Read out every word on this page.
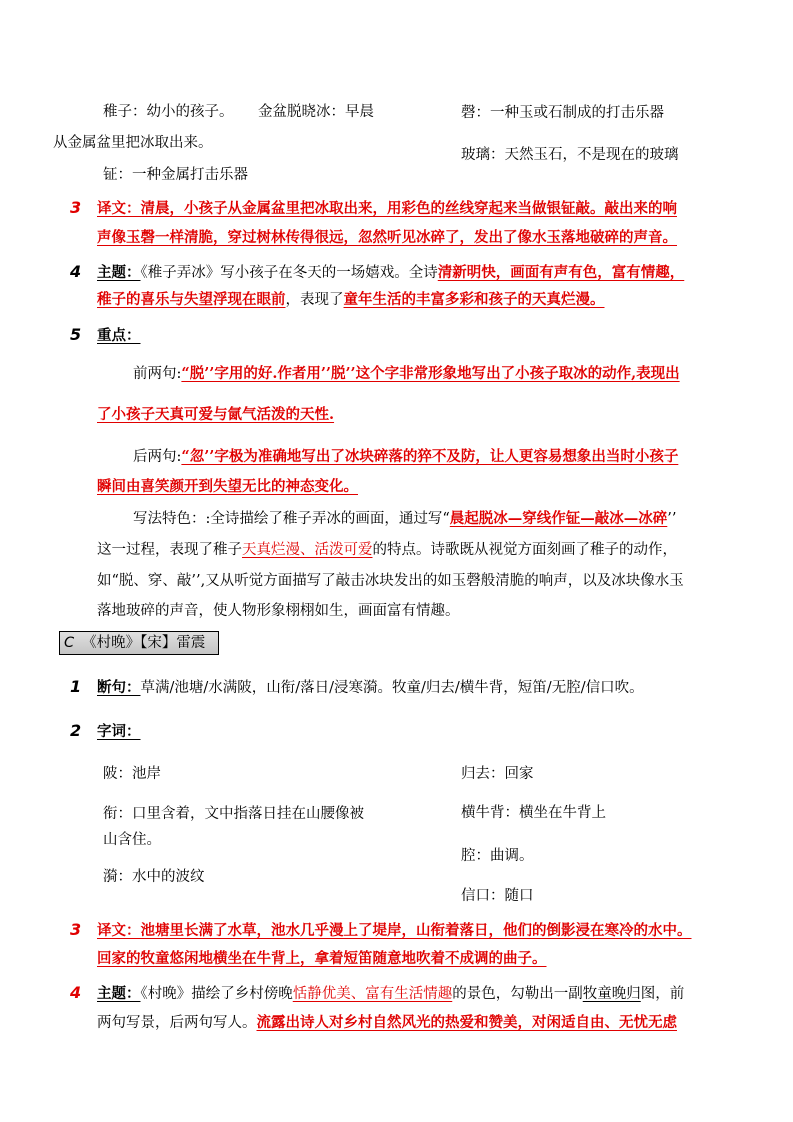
稚子：幼小的孩子。 金盆脱晓冰：早晨
从金属盆里把冰取出来。
钲：一种金属打击乐器
磬：一种玉或石制成的打击乐器
玻璃：天然玉石，不是现在的玻璃
3 译文：清晨，小孩子从金属盆里把冰取出来，用彩色的丝线穿起来当做银钲敲。敲出来的响
声像玉磬一样清脆，穿过树林传得很远，忽然听见冰碎了，发出了像水玉落地破碎的声音。
4 主题：《稚子弄冰》写小孩子在冬天的一场嬉戏。全诗清新明快，画面有声有色，富有情趣，
稚子的喜乐与失望浮现在眼前，表现了童年生活的丰富多彩和孩子的天真烂漫。
5 重点：
前两句:“脱’’字用的好.作者用’’脱’’这个字非常形象地写出了小孩子取冰的动作,表现出
了小孩子天真可爱与氤气活泼的天性.
后两句:“忽’’字极为准确地写出了冰块碎落的猝不及防，让人更容易想象出当时小孩子
瞬间由喜笑颜开到失望无比的神态变化。
写法特色：:全诗描绘了稚子弄冰的画面，通过写“晨起脱冰—穿线作钲—敲冰—冰碎’’
这一过程，表现了稚子天真烂漫、活泼可爱的特点。诗歌既从视觉方面刻画了稚子的动作，
如“脱、穿、敲’’,又从听觉方面描写了敲击冰块发出的如玉磬般清脆的响声，以及冰块像水玉
落地玻碎的声音，使人物形象栩栩如生，画面富有情趣。
C 《村晚》【宋】雷震
1 断句：草满/池塘/水满陂，山衔/落日/浸寒漪。牧童/归去/横牛背，短笛/无腔/信口吹。
2 字词：
陂：池岸
衔：口里含着，文中指落日挂在山腰像被
山含住。
漪：水中的波纹
归去：回家
横牛背：横坐在牛背上
腔：曲调。
信口：随口
3 译文：池塘里长满了水草，池水几乎漫上了堤岸，山衔着落日，他们的倒影浸在寒冷的水中。
回家的牧童悠闲地横坐在牛背上，拿着短笛随意地吹着不成调的曲子。
4 主题：《村晚》描绘了乡村傍晚恬静优美、富有生活情趣的景色，勾勒出一副牧童晚归图，前
两句写景，后两句写人。流露出诗人对乡村自然风光的热爱和赞美，对闲适自由、无忧无虑
